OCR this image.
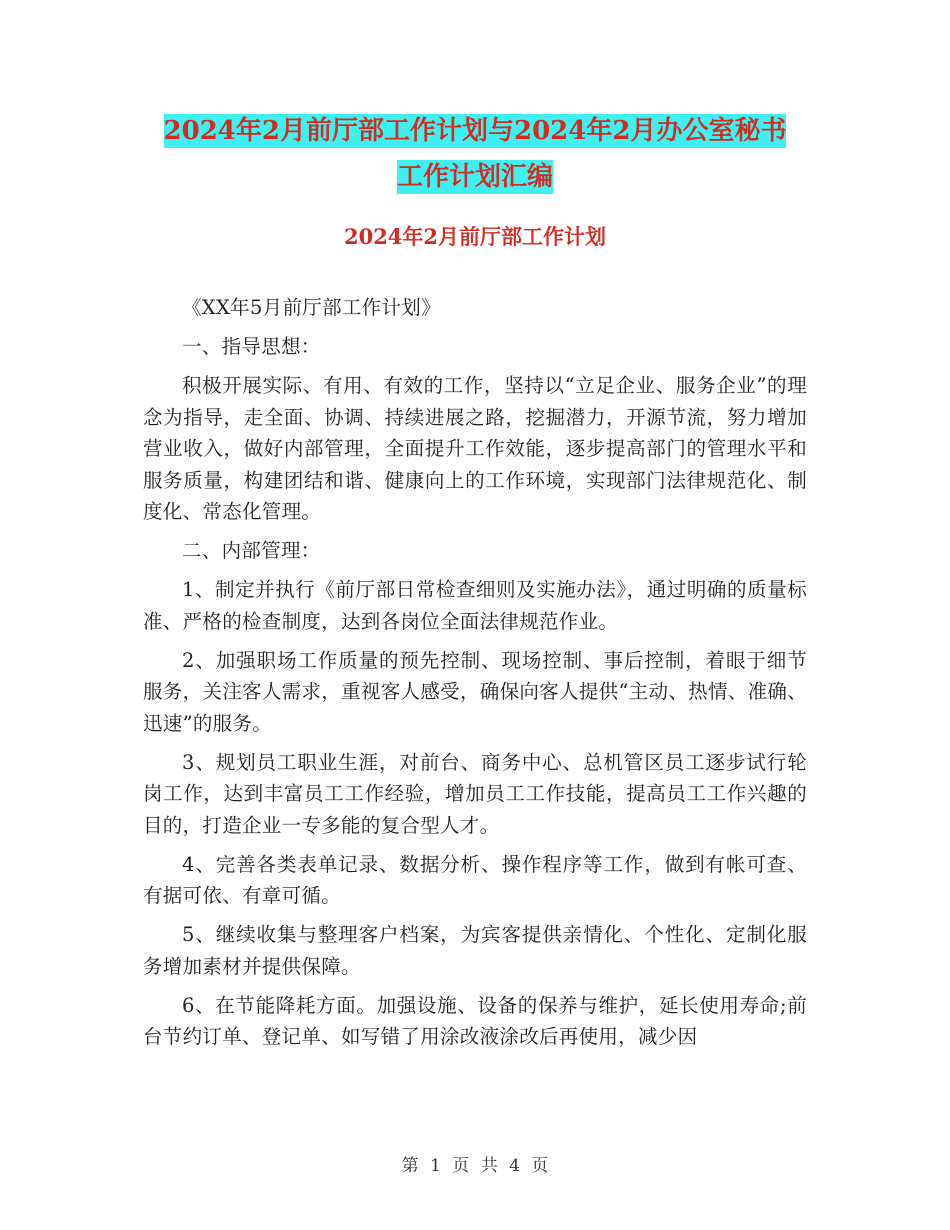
2024年2月前厅部工作计划与2024年2月办公室秘书
工作计划汇编
2024年2月前厅部工作计划

《XX年5月前厅部工作计划》

一、指导思想：

积极开展实际、有用、有效的工作，坚持以“立足企业、服务企业”的理念为指导，走全面、协调、持续进展之路，挖掘潜力，开源节流，努力增加营业收入，做好内部管理，全面提升工作效能，逐步提高部门的管理水平和服务质量，构建团结和谐、健康向上的工作环境，实现部门法律规范化、制度化、常态化管理。

二、内部管理：

1、制定并执行《前厅部日常检查细则及实施办法》，通过明确的质量标准、严格的检查制度，达到各岗位全面法律规范作业。

2、加强职场工作质量的预先控制、现场控制、事后控制，着眼于细节服务，关注客人需求，重视客人感受，确保向客人提供“主动、热情、准确、迅速”的服务。

3、规划员工职业生涯，对前台、商务中心、总机管区员工逐步试行轮岗工作，达到丰富员工工作经验，增加员工工作技能，提高员工工作兴趣的目的，打造企业一专多能的复合型人才。

4、完善各类表单记录、数据分析、操作程序等工作，做到有帐可查、有据可依、有章可循。

5、继续收集与整理客户档案，为宾客提供亲情化、个性化、定制化服务增加素材并提供保障。

6、在节能降耗方面。加强设施、设备的保养与维护，延长使用寿命;前台节约订单、登记单、如写错了用涂改液涂改后再使用，减少因

第 1 页 共 4 页
